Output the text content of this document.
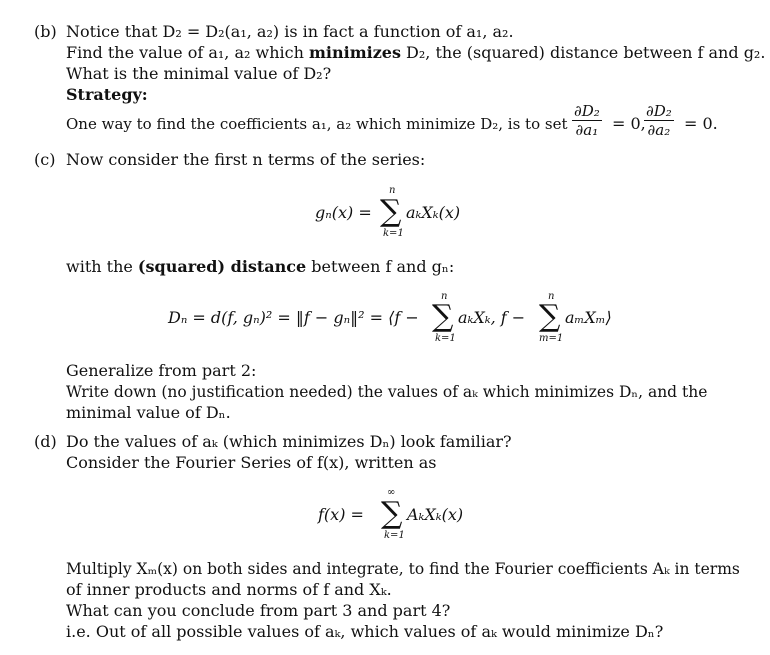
(b) Notice that D₂ = D₂(a₁, a₂) is in fact a function of a₁, a₂.
Find the value of a₁, a₂ which minimizes D₂, the (squared) distance between f and g₂.
What is the minimal value of D₂?
Strategy:
One way to find the coefficients a₁, a₂ which minimize D₂, is to set $\frac{\text{∂D₂}}{\text{∂a₁}} = 0$,
$\frac{\text{∂D₂}}{\text{∂a₂}} = 0$.
(c) Now consider the first n terms of the series:
gₙ(x) =
n
∑
k=1
aₖXₖ(x)
with the (squared) distance between f and gₙ:
Dₙ = d(f, gₙ)² = ‖f − gₙ‖² = ⟨f −
n
∑
k=1
aₖXₖ, f −
n
∑
m=1
aₘXₘ⟩
Generalize from part 2:
Write down (no justification needed) the values of aₖ which minimizes Dₙ, and the
minimal value of Dₙ.
(d) Do the values of aₖ (which minimizes Dₙ) look familiar?
Consider the Fourier Series of f(x), written as
f(x) =
∞
∑
k=1
AₖXₖ(x)
Multiply Xₘ(x) on both sides and integrate, to find the Fourier coefficients Aₖ in terms
of inner products and norms of f and Xₖ.
What can you conclude from part 3 and part 4?
i.e. Out of all possible values of aₖ, which values of aₖ would minimize Dₙ?
